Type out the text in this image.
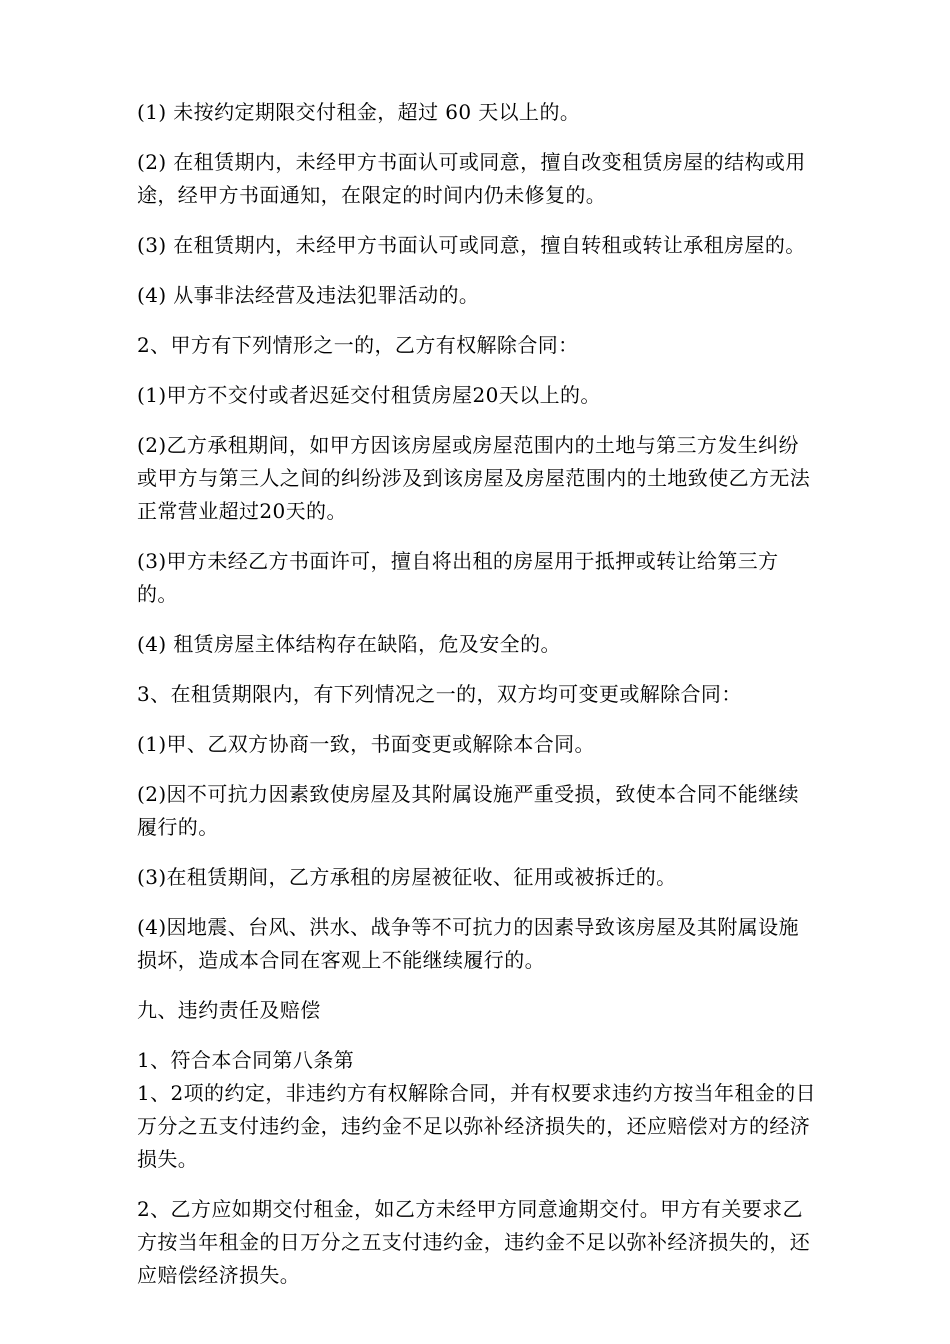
(1) 未按约定期限交付租金，超过 60 天以上的。

(2) 在租赁期内，未经甲方书面认可或同意，擅自改变租赁房屋的结构或用途，经甲方书面通知，在限定的时间内仍未修复的。

(3) 在租赁期内，未经甲方书面认可或同意，擅自转租或转让承租房屋的。

(4) 从事非法经营及违法犯罪活动的。

2、甲方有下列情形之一的，乙方有权解除合同：

(1)甲方不交付或者迟延交付租赁房屋20天以上的。

(2)乙方承租期间，如甲方因该房屋或房屋范围内的土地与第三方发生纠纷或甲方与第三人之间的纠纷涉及到该房屋及房屋范围内的土地致使乙方无法正常营业超过20天的。

(3)甲方未经乙方书面许可，擅自将出租的房屋用于抵押或转让给第三方的。

(4) 租赁房屋主体结构存在缺陷，危及安全的。

3、在租赁期限内，有下列情况之一的，双方均可变更或解除合同：

(1)甲、乙双方协商一致，书面变更或解除本合同。

(2)因不可抗力因素致使房屋及其附属设施严重受损，致使本合同不能继续履行的。

(3)在租赁期间，乙方承租的房屋被征收、征用或被拆迁的。

(4)因地震、台风、洪水、战争等不可抗力的因素导致该房屋及其附属设施损坏，造成本合同在客观上不能继续履行的。

九、违约责任及赔偿

1、符合本合同第八条第

1、2项的约定，非违约方有权解除合同，并有权要求违约方按当年租金的日万分之五支付违约金，违约金不足以弥补经济损失的，还应赔偿对方的经济损失。

2、乙方应如期交付租金，如乙方未经甲方同意逾期交付。甲方有关要求乙方按当年租金的日万分之五支付违约金，违约金不足以弥补经济损失的，还应赔偿经济损失。
